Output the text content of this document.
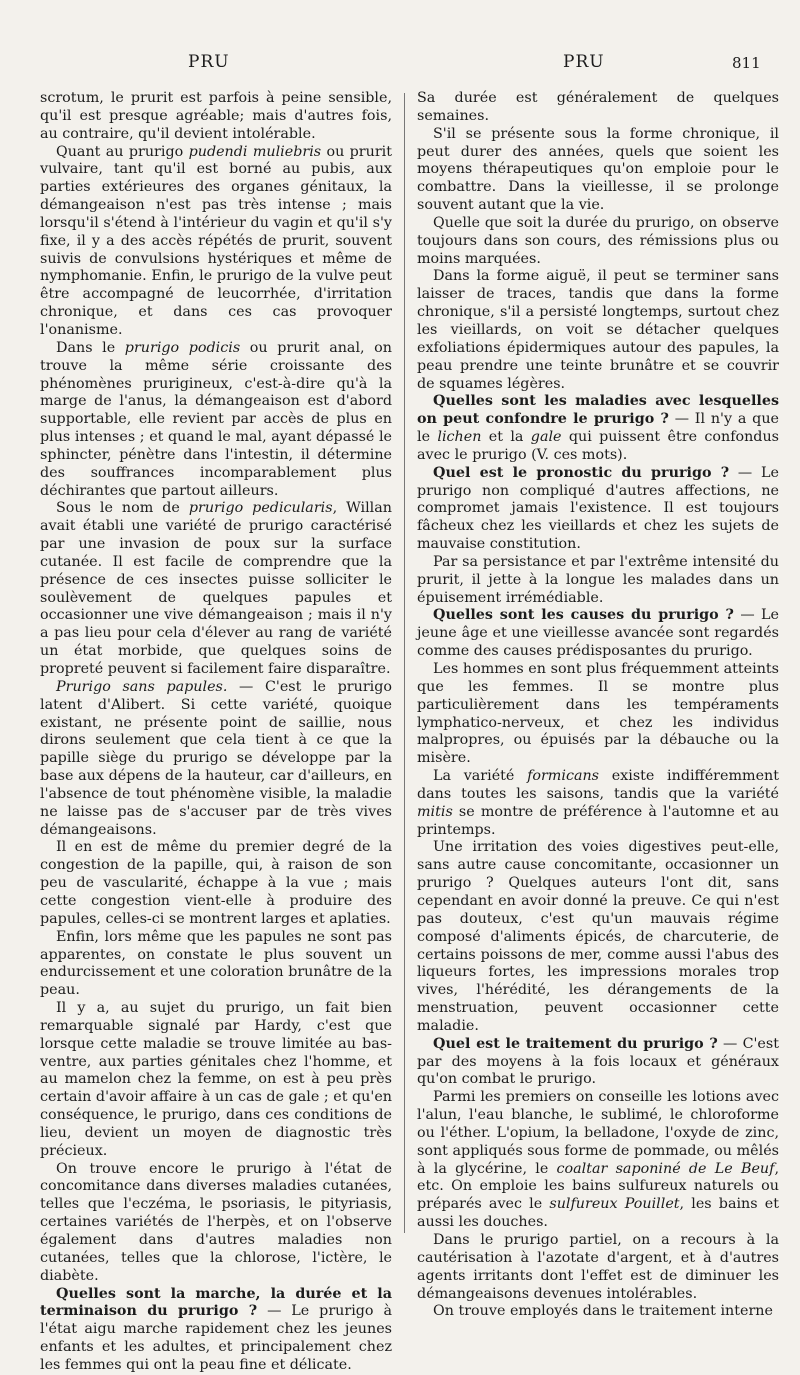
PRU	PRU	811

scrotum, le prurit est parfois à peine sensible, qu'il est presque agréable; mais d'autres fois, au contraire, qu'il devient intolérable.

Quant au prurigo pudendi muliebris ou prurit vulvaire, tant qu'il est borné au pubis, aux parties extérieures des organes génitaux, la démangeaison n'est pas très intense ; mais lorsqu'il s'étend à l'intérieur du vagin et qu'il s'y fixe, il y a des accès répétés de prurit, souvent suivis de convulsions hystériques et même de nymphomanie. Enfin, le prurigo de la vulve peut être accompagné de leucorrhée, d'irritation chronique, et dans ces cas provoquer l'onanisme.

Dans le prurigo podicis ou prurit anal, on trouve la même série croissante des phénomènes prurigineux, c'est-à-dire qu'à la marge de l'anus, la démangeaison est d'abord supportable, elle revient par accès de plus en plus intenses ; et quand le mal, ayant dépassé le sphincter, pénètre dans l'intestin, il détermine des souffrances incomparablement plus déchirantes que partout ailleurs.

Sous le nom de prurigo pedicularis, Willan avait établi une variété de prurigo caractérisé par une invasion de poux sur la surface cutanée. Il est facile de comprendre que la présence de ces insectes puisse solliciter le soulèvement de quelques papules et occasionner une vive démangeaison ; mais il n'y a pas lieu pour cela d'élever au rang de variété un état morbide, que quelques soins de propreté peuvent si facilement faire disparaître.

Prurigo sans papules. — C'est le prurigo latent d'Alibert. Si cette variété, quoique existant, ne présente point de saillie, nous dirons seulement que cela tient à ce que la papille siège du prurigo se développe par la base aux dépens de la hauteur, car d'ailleurs, en l'absence de tout phénomène visible, la maladie ne laisse pas de s'accuser par de très vives démangeaisons.

Il en est de même du premier degré de la congestion de la papille, qui, à raison de son peu de vascularité, échappe à la vue ; mais cette congestion vient-elle à produire des papules, celles-ci se montrent larges et aplaties.

Enfin, lors même que les papules ne sont pas apparentes, on constate le plus souvent un endurcissement et une coloration brunâtre de la peau.

Il y a, au sujet du prurigo, un fait bien remarquable signalé par Hardy, c'est que lorsque cette maladie se trouve limitée au bas-ventre, aux parties génitales chez l'homme, et au mamelon chez la femme, on est à peu près certain d'avoir affaire à un cas de gale ; et qu'en conséquence, le prurigo, dans ces conditions de lieu, devient un moyen de diagnostic très précieux.

On trouve encore le prurigo à l'état de concomitance dans diverses maladies cutanées, telles que l'eczéma, le psoriasis, le pityriasis, certaines variétés de l'herpès, et on l'observe également dans d'autres maladies non cutanées, telles que la chlorose, l'ictère, le diabète.

Quelles sont la marche, la durée et la terminaison du prurigo ? — Le prurigo à l'état aigu marche rapidement chez les jeunes enfants et les adultes, et principalement chez les femmes qui ont la peau fine et délicate.

Sa durée est généralement de quelques semaines.

S'il se présente sous la forme chronique, il peut durer des années, quels que soient les moyens thérapeutiques qu'on emploie pour le combattre. Dans la vieillesse, il se prolonge souvent autant que la vie.

Quelle que soit la durée du prurigo, on observe toujours dans son cours, des rémissions plus ou moins marquées.

Dans la forme aiguë, il peut se terminer sans laisser de traces, tandis que dans la forme chronique, s'il a persisté longtemps, surtout chez les vieillards, on voit se détacher quelques exfoliations épidermiques autour des papules, la peau prendre une teinte brunâtre et se couvrir de squames légères.

Quelles sont les maladies avec lesquelles on peut confondre le prurigo ? — Il n'y a que le lichen et la gale qui puissent être confondus avec le prurigo (V. ces mots).

Quel est le pronostic du prurigo ? — Le prurigo non compliqué d'autres affections, ne compromet jamais l'existence. Il est toujours fâcheux chez les vieillards et chez les sujets de mauvaise constitution.

Par sa persistance et par l'extrême intensité du prurit, il jette à la longue les malades dans un épuisement irrémédiable.

Quelles sont les causes du prurigo ? — Le jeune âge et une vieillesse avancée sont regardés comme des causes prédisposantes du prurigo.

Les hommes en sont plus fréquemment atteints que les femmes. Il se montre plus particulièrement dans les tempéraments lymphatico-nerveux, et chez les individus malpropres, ou épuisés par la débauche ou la misère.

La variété formicans existe indifféremment dans toutes les saisons, tandis que la variété mitis se montre de préférence à l'automne et au printemps.

Une irritation des voies digestives peut-elle, sans autre cause concomitante, occasionner un prurigo ? Quelques auteurs l'ont dit, sans cependant en avoir donné la preuve. Ce qui n'est pas douteux, c'est qu'un mauvais régime composé d'aliments épicés, de charcuterie, de certains poissons de mer, comme aussi l'abus des liqueurs fortes, les impressions morales trop vives, l'hérédité, les dérangements de la menstruation, peuvent occasionner cette maladie.

Quel est le traitement du prurigo ? — C'est par des moyens à la fois locaux et généraux qu'on combat le prurigo.

Parmi les premiers on conseille les lotions avec l'alun, l'eau blanche, le sublimé, le chloroforme ou l'éther. L'opium, la belladone, l'oxyde de zinc, sont appliqués sous forme de pommade, ou mêlés à la glycérine, le coaltar saponiné de Le Beuf, etc. On emploie les bains sulfureux naturels ou préparés avec le sulfureux Pouillet, les bains et aussi les douches.

Dans le prurigo partiel, on a recours à la cautérisation à l'azotate d'argent, et à d'autres agents irritants dont l'effet est de diminuer les démangeaisons devenues intolérables.

On trouve employés dans le traitement interne
